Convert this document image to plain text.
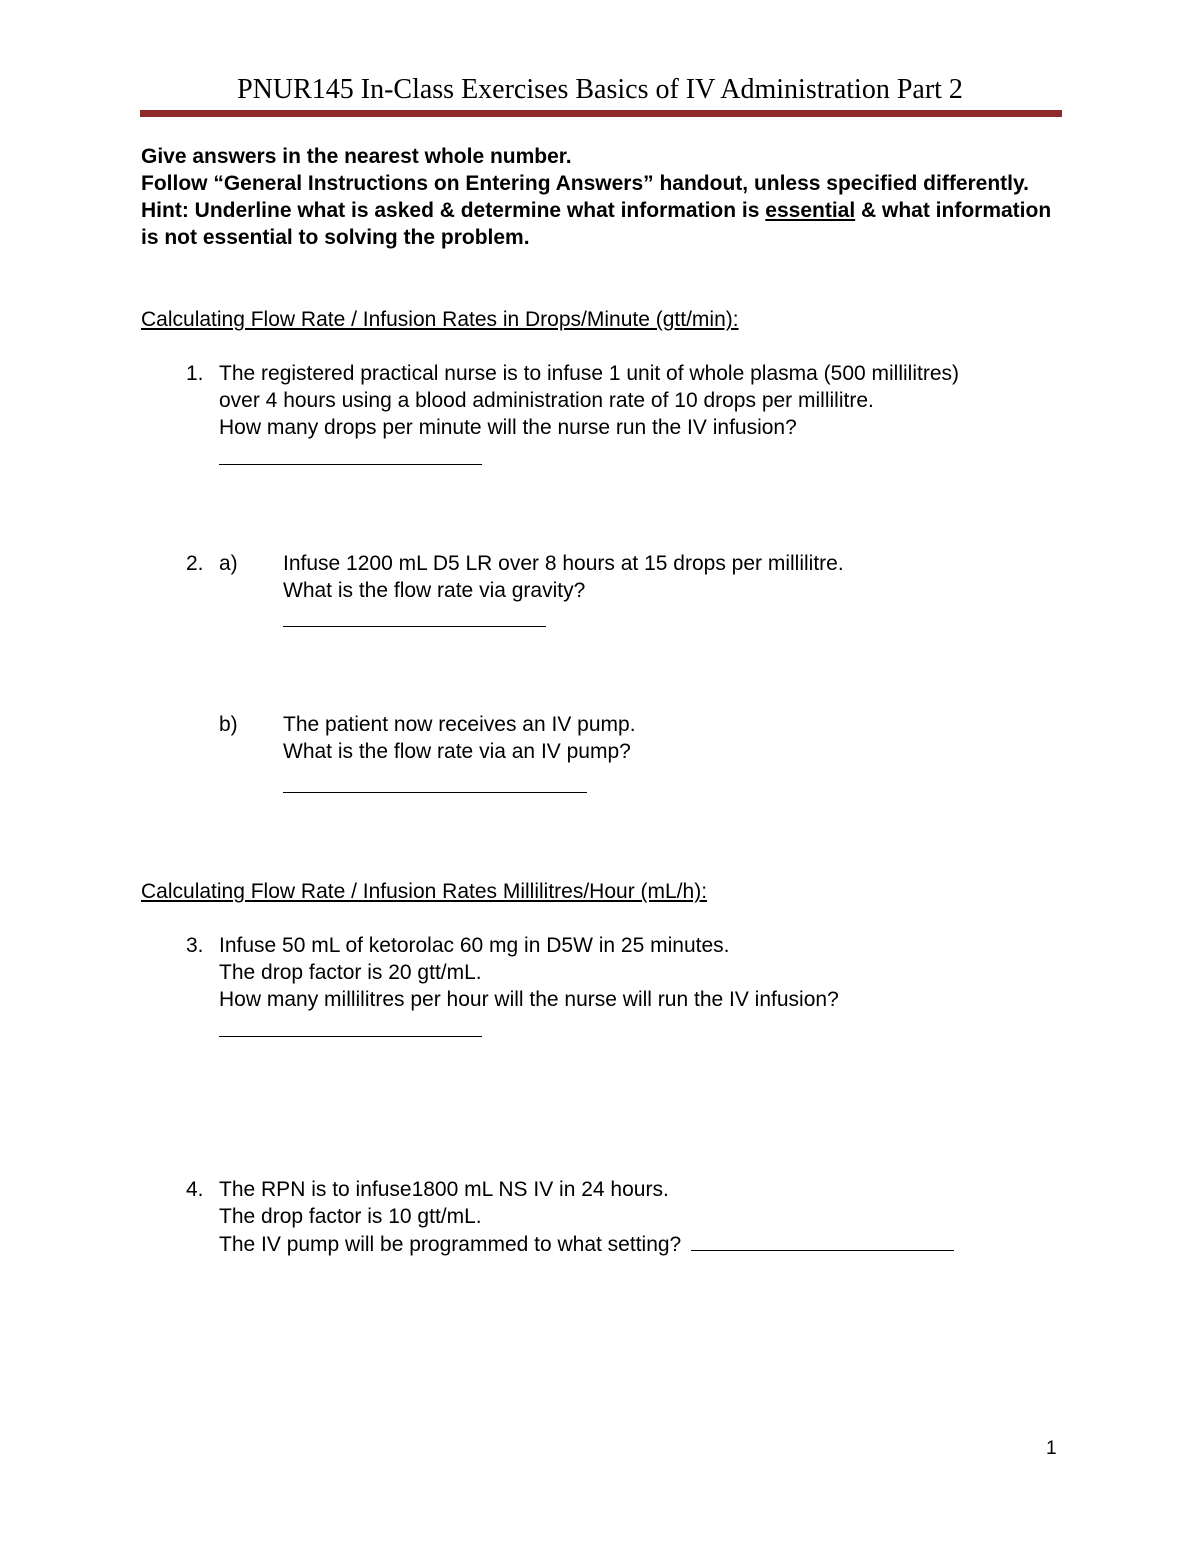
PNUR145 In-Class Exercises Basics of IV Administration Part 2

Give answers in the nearest whole number.

Follow “General Instructions on Entering Answers” handout, unless specified differently.

Hint: Underline what is asked & determine what information is essential & what information is not essential to solving the problem.

Calculating Flow Rate / Infusion Rates in Drops/Minute (gtt/min):
1. The registered practical nurse is to infuse 1 unit of whole plasma (500 millilitres)

over 4 hours using a blood administration rate of 10 drops per millilitre.

How many drops per minute will the nurse run the IV infusion?

2. a) Infuse 1200 mL D5 LR over 8 hours at 15 drops per millilitre.

What is the flow rate via gravity?

b) The patient now receives an IV pump.

What is the flow rate via an IV pump?

Calculating Flow Rate / Infusion Rates Millilitres/Hour (mL/h):
3. Infuse 50 mL of ketorolac 60 mg in D5W in 25 minutes.

The drop factor is 20 gtt/mL.

How many millilitres per hour will the nurse will run the IV infusion?

4. The RPN is to infuse1800 mL NS IV in 24 hours.

The drop factor is 10 gtt/mL.

The IV pump will be programmed to what setting?

1
